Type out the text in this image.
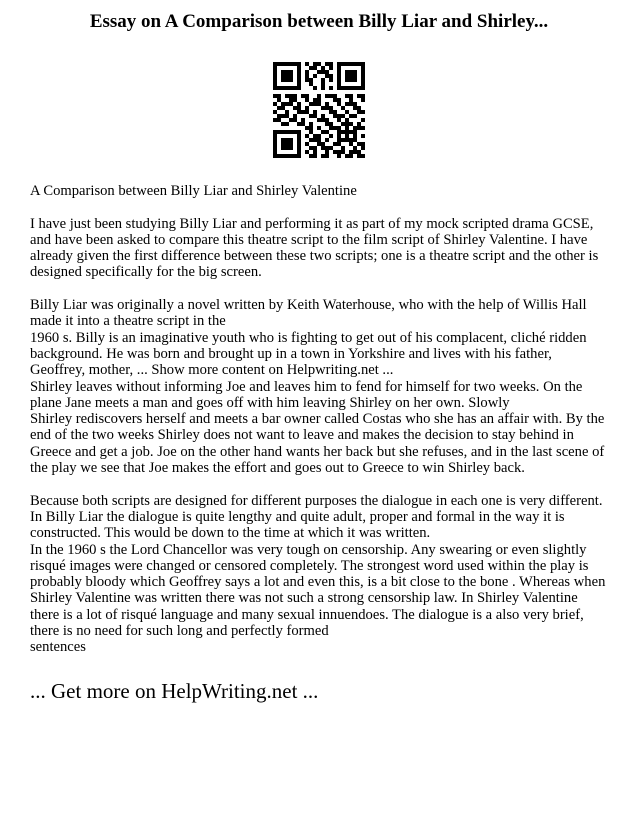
Essay on A Comparison between Billy Liar and Shirley...

A Comparison between Billy Liar and Shirley Valentine

I have just been studying Billy Liar and performing it as part of my mock scripted drama GCSE, and have been asked to compare this theatre script to the film script of Shirley Valentine. I have already given the first difference between these two scripts; one is a theatre script and the other is designed specifically for the big screen.

Billy Liar was originally a novel written by Keith Waterhouse, who with the help of Willis Hall made it into a theatre script in the
1960 s. Billy is an imaginative youth who is fighting to get out of his complacent, cliché ridden background. He was born and brought up in a town in Yorkshire and lives with his father, Geoffrey, mother, ... Show more content on Helpwriting.net ...
Shirley leaves without informing Joe and leaves him to fend for himself for two weeks. On the plane Jane meets a man and goes off with him leaving Shirley on her own. Slowly
Shirley rediscovers herself and meets a bar owner called Costas who she has an affair with. By the end of the two weeks Shirley does not want to leave and makes the decision to stay behind in Greece and get a job. Joe on the other hand wants her back but she refuses, and in the last scene of the play we see that Joe makes the effort and goes out to Greece to win Shirley back.

Because both scripts are designed for different purposes the dialogue in each one is very different. In Billy Liar the dialogue is quite lengthy and quite adult, proper and formal in the way it is constructed. This would be down to the time at which it was written.
In the 1960 s the Lord Chancellor was very tough on censorship. Any swearing or even slightly risqué images were changed or censored completely. The strongest word used within the play is probably bloody which Geoffrey says a lot and even this, is a bit close to the bone . Whereas when Shirley Valentine was written there was not such a strong censorship law. In Shirley Valentine there is a lot of risqué language and many sexual innuendoes. The dialogue is a also very brief, there is no need for such long and perfectly formed
sentences

... Get more on HelpWriting.net ...
